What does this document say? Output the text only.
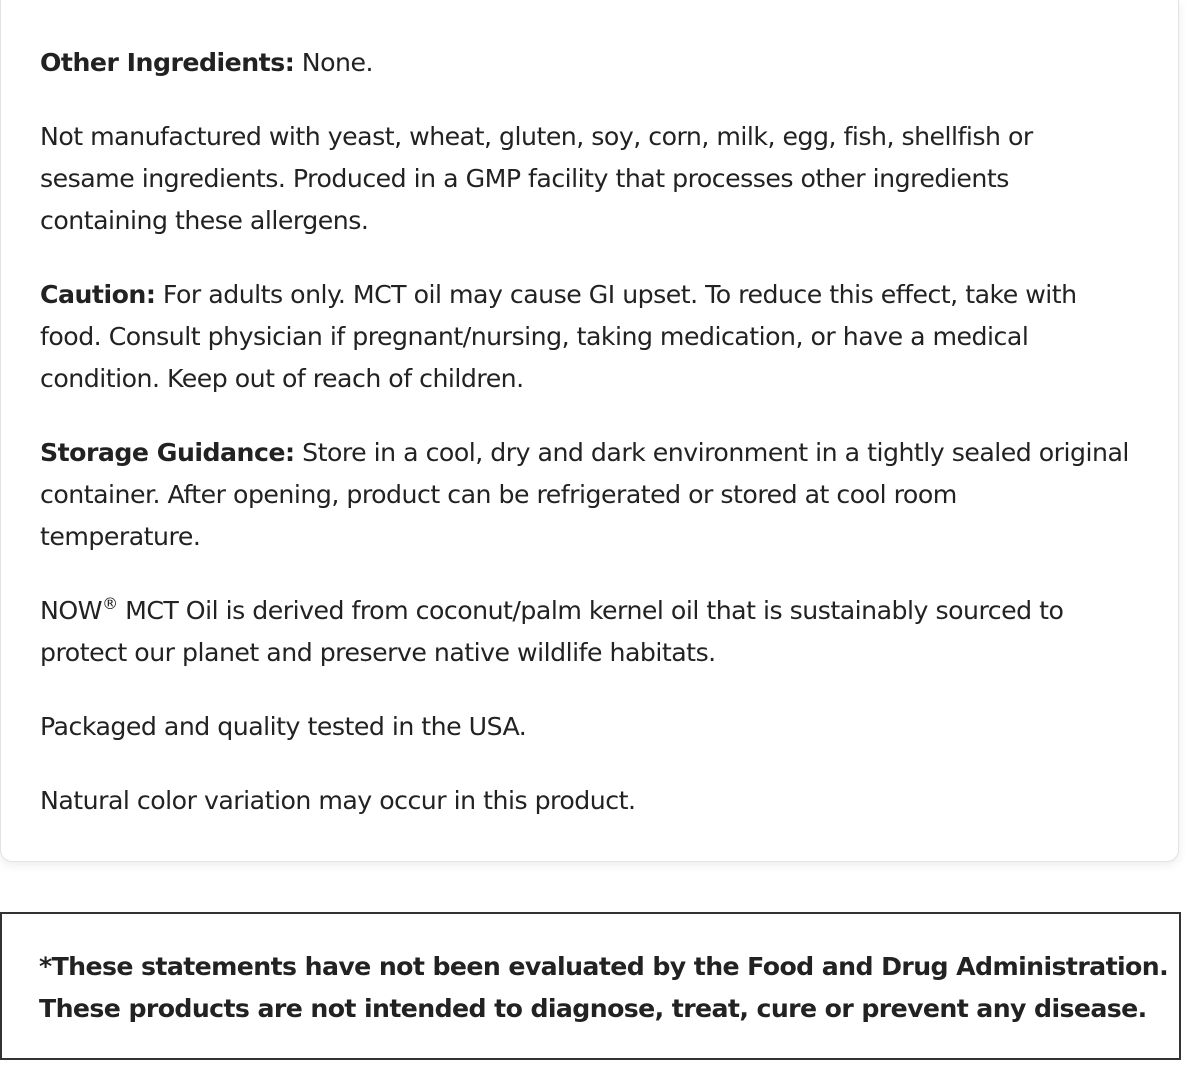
Other Ingredients: None.

Not manufactured with yeast, wheat, gluten, soy, corn, milk, egg, fish, shellfish or
sesame ingredients. Produced in a GMP facility that processes other ingredients
containing these allergens.

Caution: For adults only. MCT oil may cause GI upset. To reduce this effect, take with
food. Consult physician if pregnant/nursing, taking medication, or have a medical
condition. Keep out of reach of children.

Storage Guidance: Store in a cool, dry and dark environment in a tightly sealed original
container. After opening, product can be refrigerated or stored at cool room
temperature.

NOW® MCT Oil is derived from coconut/palm kernel oil that is sustainably sourced to
protect our planet and preserve native wildlife habitats.

Packaged and quality tested in the USA.

Natural color variation may occur in this product.

*These statements have not been evaluated by the Food and Drug Administration.
These products are not intended to diagnose, treat, cure or prevent any disease.
